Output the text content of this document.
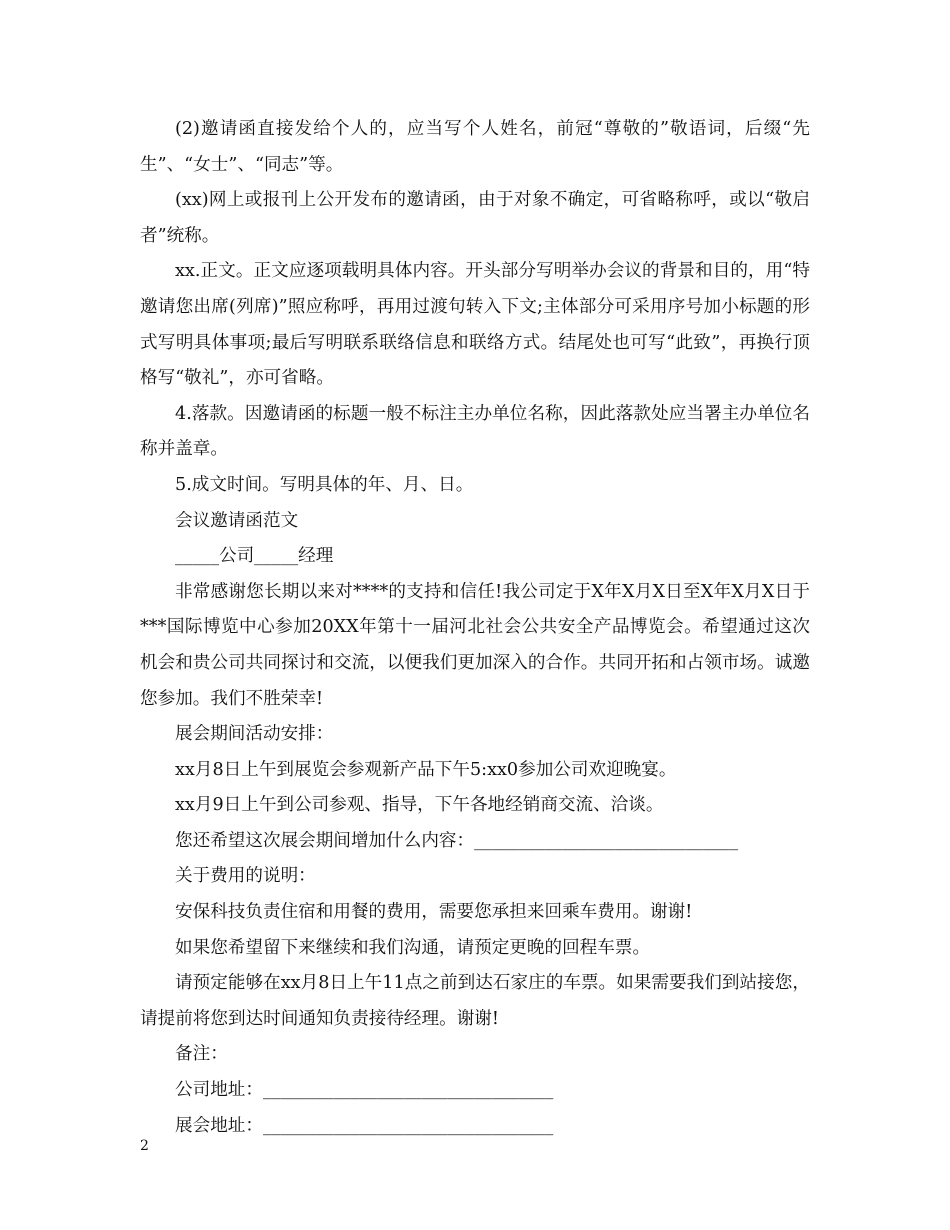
(2)邀请函直接发给个人的，应当写个人姓名，前冠“尊敬的”敬语词，后缀“先生”、“女士”、“同志”等。

(xx)网上或报刊上公开发布的邀请函，由于对象不确定，可省略称呼，或以“敬启者”统称。

xx.正文。正文应逐项载明具体内容。开头部分写明举办会议的背景和目的，用“特邀请您出席(列席)”照应称呼，再用过渡句转入下文;主体部分可采用序号加小标题的形式写明具体事项;最后写明联系联络信息和联络方式。结尾处也可写“此致”，再换行顶格写“敬礼”，亦可省略。

4.落款。因邀请函的标题一般不标注主办单位名称，因此落款处应当署主办单位名称并盖章。

5.成文时间。写明具体的年、月、日。

会议邀请函范文

_____公司_____经理

非常感谢您长期以来对****的支持和信任!我公司定于X年X月X日至X年X月X日于***国际博览中心参加20XX年第十一届河北社会公共安全产品博览会。希望通过这次机会和贵公司共同探讨和交流，以便我们更加深入的合作。共同开拓和占领市场。诚邀您参加。我们不胜荣幸!

展会期间活动安排：

xx月8日上午到展览会参观新产品下午5:xx0参加公司欢迎晚宴。

xx月9日上午到公司参观、指导，下午各地经销商交流、洽谈。

您还希望这次展会期间增加什么内容：______________________________

关于费用的说明：

安保科技负责住宿和用餐的费用，需要您承担来回乘车费用。谢谢!

如果您希望留下来继续和我们沟通，请预定更晚的回程车票。

请预定能够在xx月8日上午11点之前到达石家庄的车票。如果需要我们到站接您，请提前将您到达时间通知负责接待经理。谢谢!

备注：

公司地址：_________________________________

展会地址：_________________________________

2
